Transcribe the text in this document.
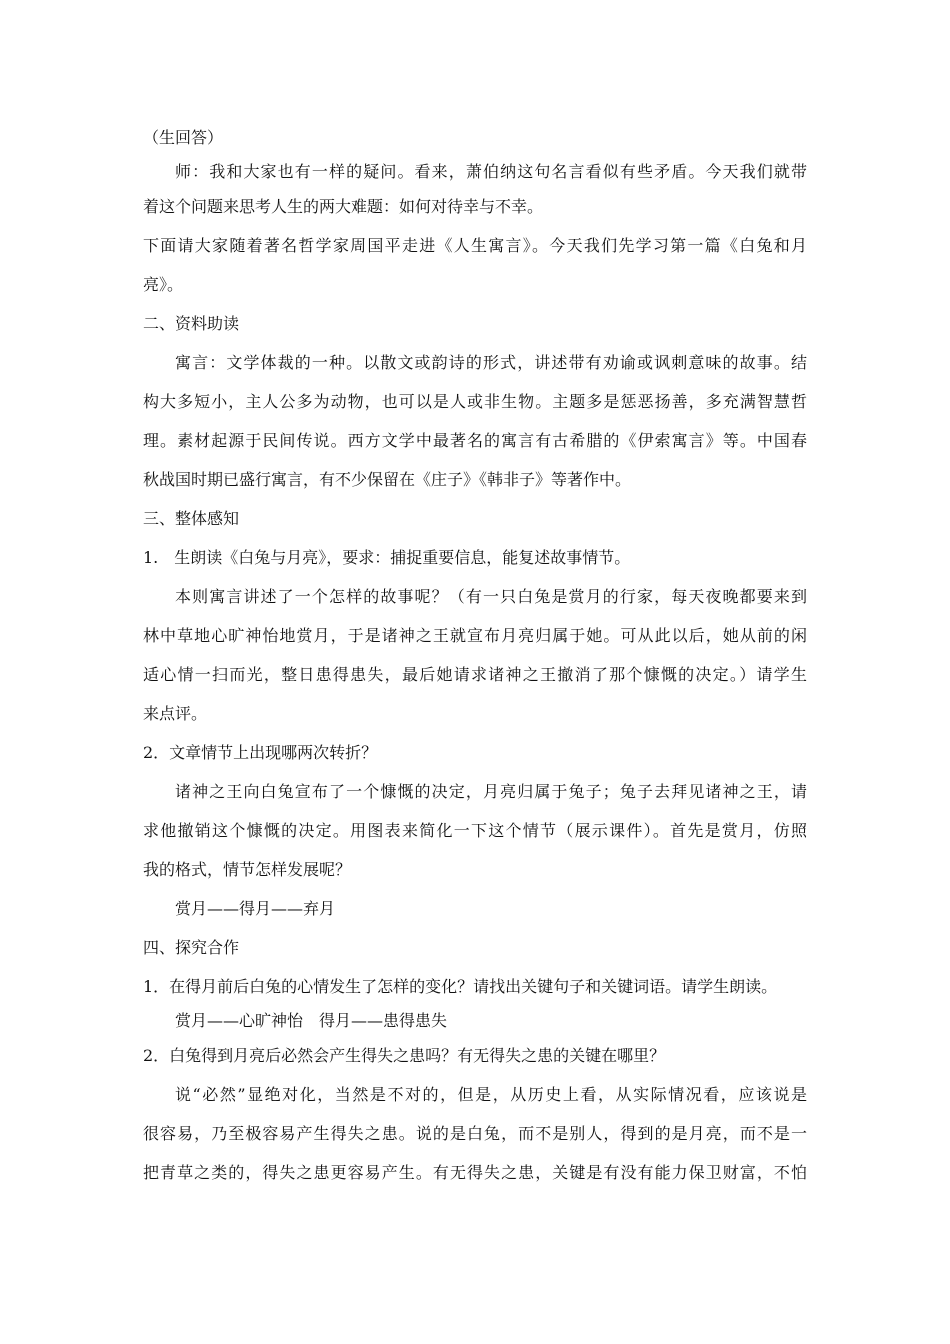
（生回答）
师：我和大家也有一样的疑问。看来，萧伯纳这句名言看似有些矛盾。今天我们就带
着这个问题来思考人生的两大难题：如何对待幸与不幸。
下面请大家随着著名哲学家周国平走进《人生寓言》。今天我们先学习第一篇《白兔和月
亮》。
二、资料助读
寓言：文学体裁的一种。以散文或韵诗的形式，讲述带有劝谕或讽刺意味的故事。结
构大多短小，主人公多为动物，也可以是人或非生物。主题多是惩恶扬善，多充满智慧哲
理。素材起源于民间传说。西方文学中最著名的寓言有古希腊的《伊索寓言》等。中国春
秋战国时期已盛行寓言，有不少保留在《庄子》《韩非子》等著作中。
三、整体感知
1.　生朗读《白兔与月亮》，要求：捕捉重要信息，能复述故事情节。
本则寓言讲述了一个怎样的故事呢？（有一只白兔是赏月的行家，每天夜晚都要来到
林中草地心旷神怡地赏月，于是诸神之王就宣布月亮归属于她。可从此以后，她从前的闲
适心情一扫而光，整日患得患失，最后她请求诸神之王撤消了那个慷慨的决定。）请学生
来点评。
2．文章情节上出现哪两次转折？
诸神之王向白兔宣布了一个慷慨的决定，月亮归属于兔子；兔子去拜见诸神之王，请
求他撤销这个慷慨的决定。用图表来简化一下这个情节（展示课件）。首先是赏月，仿照
我的格式，情节怎样发展呢？
赏月——得月——弃月
四、探究合作
1．在得月前后白兔的心情发生了怎样的变化？请找出关键句子和关键词语。请学生朗读。
赏月——心旷神怡　得月——患得患失
2．白兔得到月亮后必然会产生得失之患吗？有无得失之患的关键在哪里？
说“必然”显绝对化，当然是不对的，但是，从历史上看，从实际情况看，应该说是
很容易，乃至极容易产生得失之患。说的是白兔，而不是别人，得到的是月亮，而不是一
把青草之类的，得失之患更容易产生。有无得失之患，关键是有没有能力保卫财富，不怕
